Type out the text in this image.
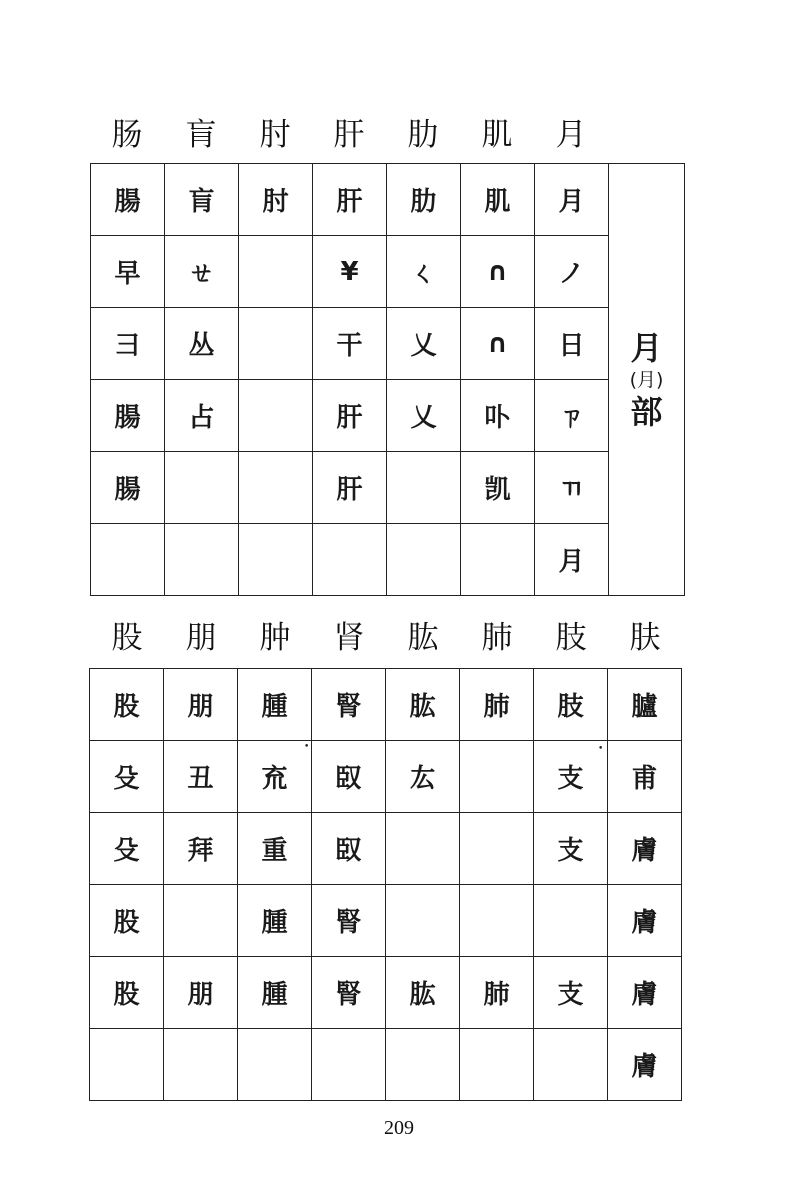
肠	肓	肘	肝	肋	肌	月
腸	肓	肘	肝	肋	肌	月	月
(月)
部

早	ㄝ		¥	ㄑ	∩	ノ	
彐	丛		干	乂	∩	日	
腸	占		肝	乂	卟	ㄗ	
腸			肝		凯	ㄲ	
						月	
股	朋	肿	肾	肱	肺	肢	肤
股	朋	腫	腎	肱	肺	肢	臚
殳	丑	㐬	臤	厷		支	甫
殳	拜	重	臤			支	膚
股		腫	腎				膚
股	朋	腫	腎	肱	肺	支	膚
							膚
•	•
209
